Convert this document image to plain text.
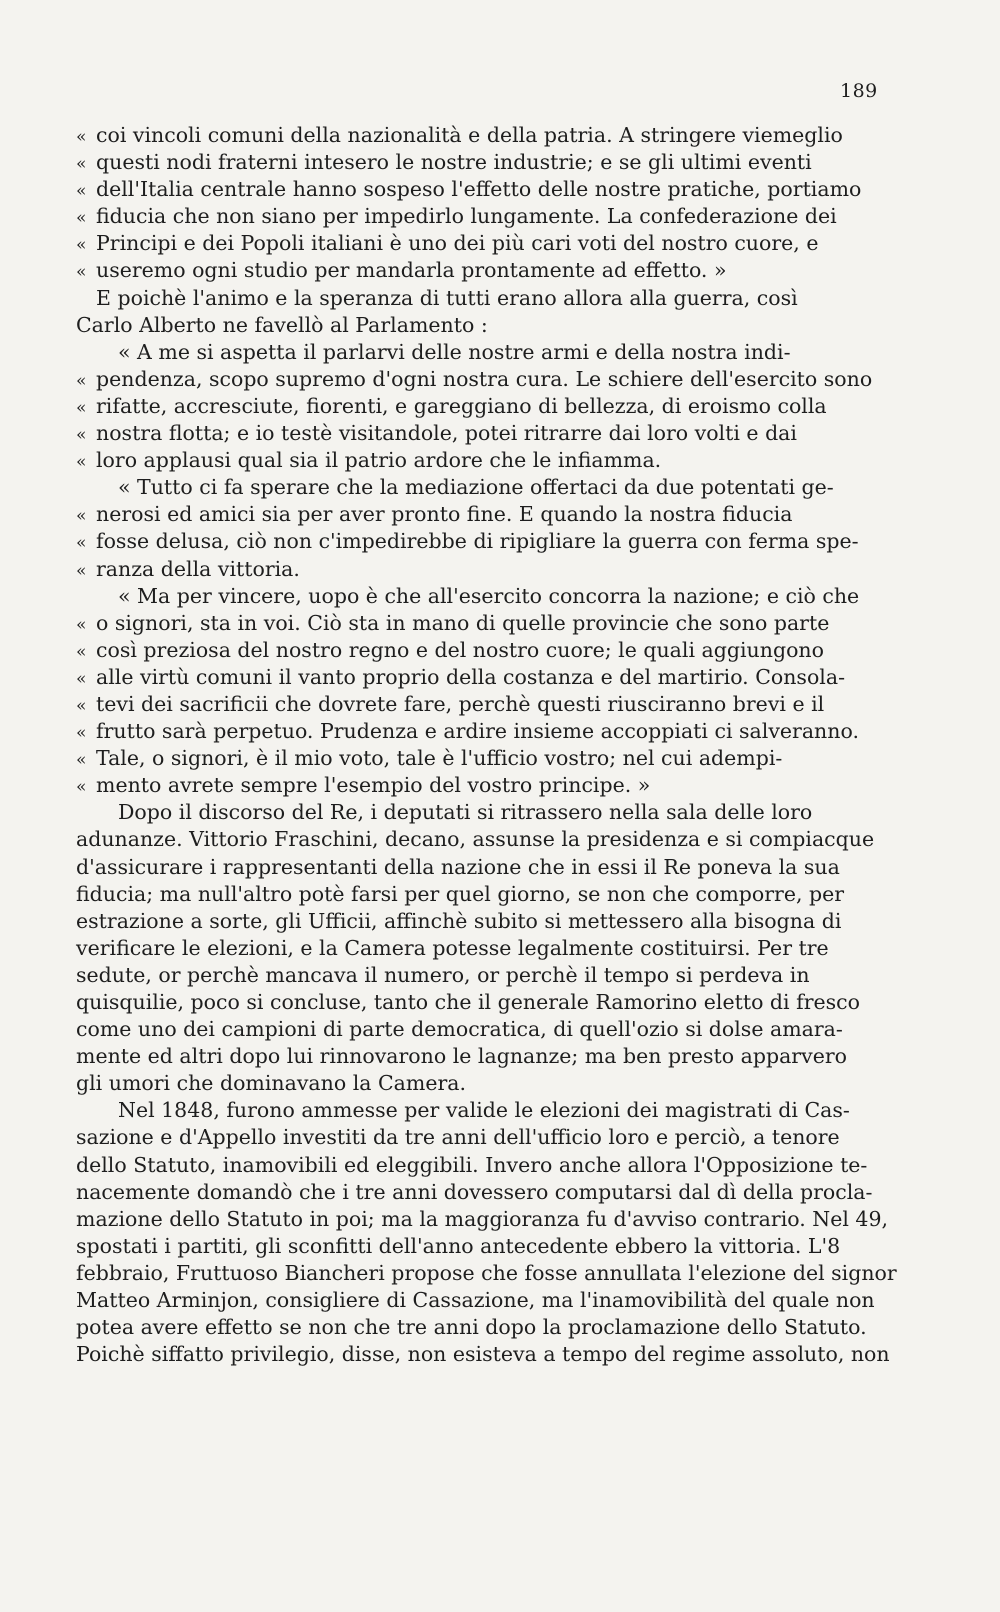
189
« coi vincoli comuni della nazionalità e della patria. A stringere viemeglio
« questi nodi fraterni intesero le nostre industrie; e se gli ultimi eventi
« dell'Italia centrale hanno sospeso l'effetto delle nostre pratiche, portiamo
« fiducia che non siano per impedirlo lungamente. La confederazione dei
« Principi e dei Popoli italiani è uno dei più cari voti del nostro cuore, e
« useremo ogni studio per mandarla prontamente ad effetto. »
E poichè l'animo e la speranza di tutti erano allora alla guerra, così
Carlo Alberto ne favellò al Parlamento :
« A me si aspetta il parlarvi delle nostre armi e della nostra indi-
« pendenza, scopo supremo d'ogni nostra cura. Le schiere dell'esercito sono
« rifatte, accresciute, fiorenti, e gareggiano di bellezza, di eroismo colla
« nostra flotta; e io testè visitandole, potei ritrarre dai loro volti e dai
« loro applausi qual sia il patrio ardore che le infiamma.
« Tutto ci fa sperare che la mediazione offertaci da due potentati ge-
« nerosi ed amici sia per aver pronto fine. E quando la nostra fiducia
« fosse delusa, ciò non c'impedirebbe di ripigliare la guerra con ferma spe-
« ranza della vittoria.
« Ma per vincere, uopo è che all'esercito concorra la nazione; e ciò che
« o signori, sta in voi. Ciò sta in mano di quelle provincie che sono parte
« così preziosa del nostro regno e del nostro cuore; le quali aggiungono
« alle virtù comuni il vanto proprio della costanza e del martirio. Consola-
« tevi dei sacrificii che dovrete fare, perchè questi riusciranno brevi e il
« frutto sarà perpetuo. Prudenza e ardire insieme accoppiati ci salveranno.
« Tale, o signori, è il mio voto, tale è l'ufficio vostro; nel cui adempi-
« mento avrete sempre l'esempio del vostro principe. »
Dopo il discorso del Re, i deputati si ritrassero nella sala delle loro
adunanze. Vittorio Fraschini, decano, assunse la presidenza e si compiacque
d'assicurare i rappresentanti della nazione che in essi il Re poneva la sua
fiducia; ma null'altro potè farsi per quel giorno, se non che comporre, per
estrazione a sorte, gli Ufficii, affinchè subito si mettessero alla bisogna di
verificare le elezioni, e la Camera potesse legalmente costituirsi. Per tre
sedute, or perchè mancava il numero, or perchè il tempo si perdeva in
quisquilie, poco si concluse, tanto che il generale Ramorino eletto di fresco
come uno dei campioni di parte democratica, di quell'ozio si dolse amara-
mente ed altri dopo lui rinnovarono le lagnanze; ma ben presto apparvero
gli umori che dominavano la Camera.
Nel 1848, furono ammesse per valide le elezioni dei magistrati di Cas-
sazione e d'Appello investiti da tre anni dell'ufficio loro e perciò, a tenore
dello Statuto, inamovibili ed eleggibili. Invero anche allora l'Opposizione te-
nacemente domandò che i tre anni dovessero computarsi dal dì della procla-
mazione dello Statuto in poi; ma la maggioranza fu d'avviso contrario. Nel 49,
spostati i partiti, gli sconfitti dell'anno antecedente ebbero la vittoria. L'8
febbraio, Fruttuoso Biancheri propose che fosse annullata l'elezione del signor
Matteo Arminjon, consigliere di Cassazione, ma l'inamovibilità del quale non
potea avere effetto se non che tre anni dopo la proclamazione dello Statuto.
Poichè siffatto privilegio, disse, non esisteva a tempo del regime assoluto, non
